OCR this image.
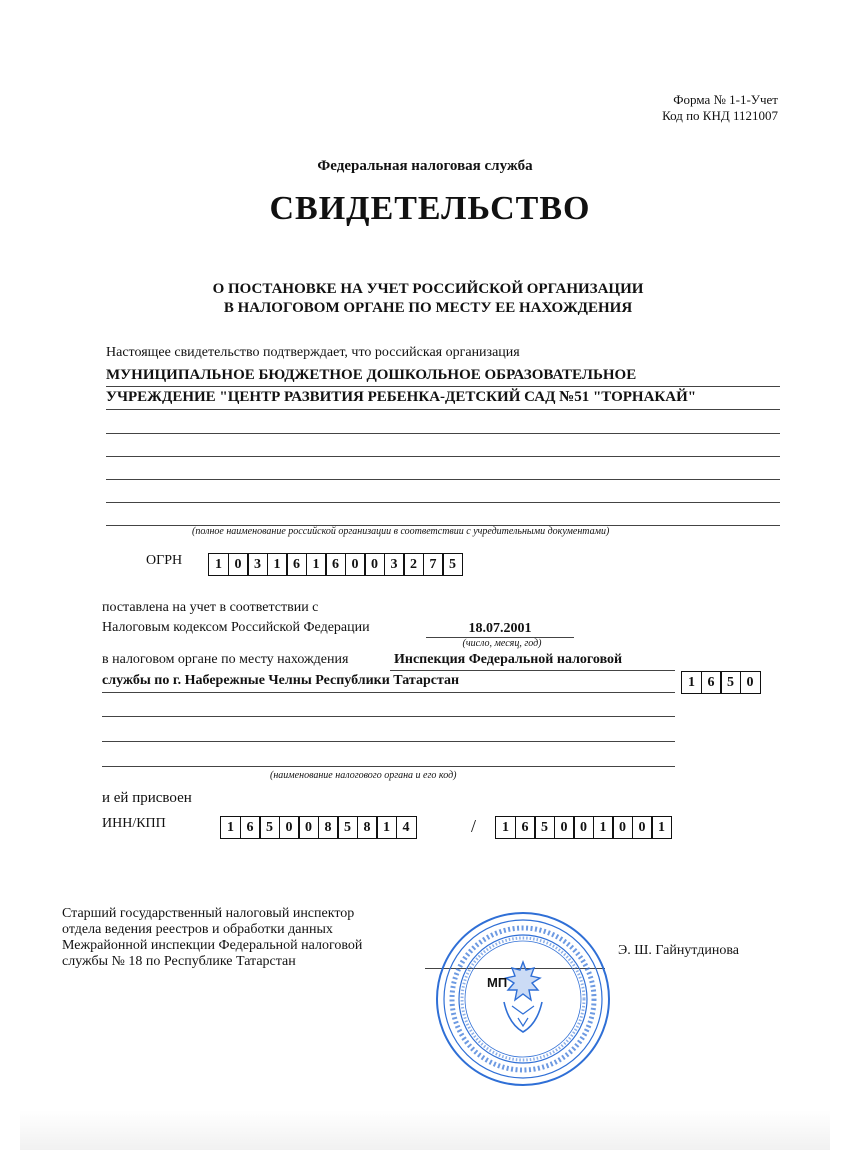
Форма № 1-1-Учет
Код по КНД 1121007
Федеральная налоговая служба
СВИДЕТЕЛЬСТВО
О ПОСТАНОВКЕ НА УЧЕТ РОССИЙСКОЙ ОРГАНИЗАЦИИ
В НАЛОГОВОМ ОРГАНЕ ПО МЕСТУ ЕЕ НАХОЖДЕНИЯ
Настоящее свидетельство подтверждает, что российская организация
МУНИЦИПАЛЬНОЕ БЮДЖЕТНОЕ ДОШКОЛЬНОЕ ОБРАЗОВАТЕЛЬНОЕ
УЧРЕЖДЕНИЕ "ЦЕНТР РАЗВИТИЯ РЕБЕНКА-ДЕТСКИЙ САД №51 "ТОРНАКАЙ"
(полное наименование российской организации в соответствии с учредительными документами)
ОГРН	1 0 3 1 6 1 6 0 0 3 2 7 5
поставлена на учет в соответствии с
Налоговым кодексом Российской Федерации	18.07.2001
(число, месяц, год)
в налоговом органе по месту нахождения	Инспекция Федеральной налоговой
службы по г. Набережные Челны Республики Татарстан	1 6 5 0
(наименование налогового органа и его код)
и ей присвоен
ИНН/КПП	1 6 5 0 0 8 5 8 1 4	/	1 6 5 0 0 1 0 0 1
Старший государственный налоговый инспектор
отдела ведения реестров и обработки данных
Межрайонной инспекции Федеральной налоговой
службы № 18 по Республике Татарстан
Э. Ш. Гайнутдинова
МП
